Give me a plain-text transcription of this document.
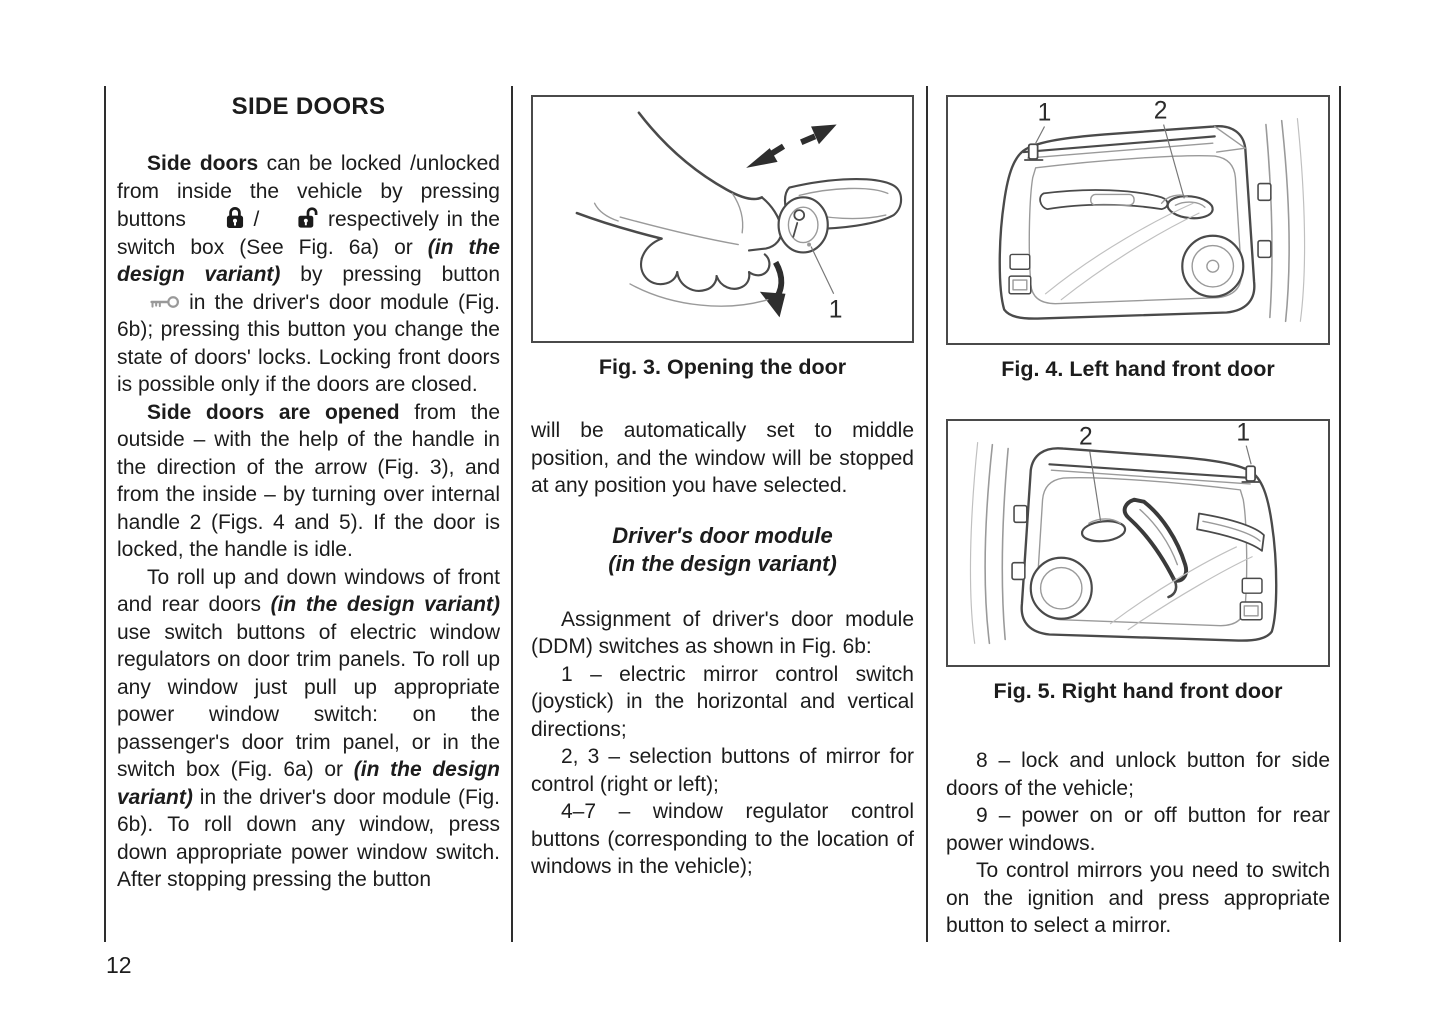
SIDE DOORS

Side doors can be locked /unlocked from inside the vehicle by pressing buttons  /	respectively in the switch box (See Fig. 6a) or (in the design variant) by pressing button  in the driver's door module (Fig. 6b); pressing this button you change the state of doors' locks. Locking front doors is possible only if the doors are closed.

Side doors are opened from the outside – with the help of the handle in the direction of the arrow (Fig. 3), and from the inside – by turning over internal handle 2 (Figs. 4 and 5). If the door is locked, the handle is idle.

To roll up and down windows of front and rear doors (in the design variant) use switch buttons of electric window regulators on door trim panels. To roll up any window just pull up appropriate power window switch: on the passenger's door trim panel, or in the switch box (Fig. 6a) or (in the design variant) in the driver's door module (Fig. 6b). To roll down any window, press down appropriate power window switch. After stopping pressing the button

1
Fig. 3. Opening the door

will be automatically set to middle position, and the window will be stopped at any position you have selected.

Driver's door module
(in the design variant)

Assignment of driver's door module (DDM) switches as shown in Fig. 6b:

1 – electric mirror control switch (joystick) in the horizontal and vertical directions;

2, 3 – selection buttons of mirror for control (right or left);

4–7 – window regulator control buttons (corresponding to the location of windows in the vehicle);

1	2
Fig. 4. Left hand front door
2	1
Fig. 5. Right hand front door

8 – lock and unlock button for side doors of the vehicle;

9 – power on or off button for rear power windows.

To control mirrors you need to switch on the ignition and press appropriate button to select a mirror.

12
